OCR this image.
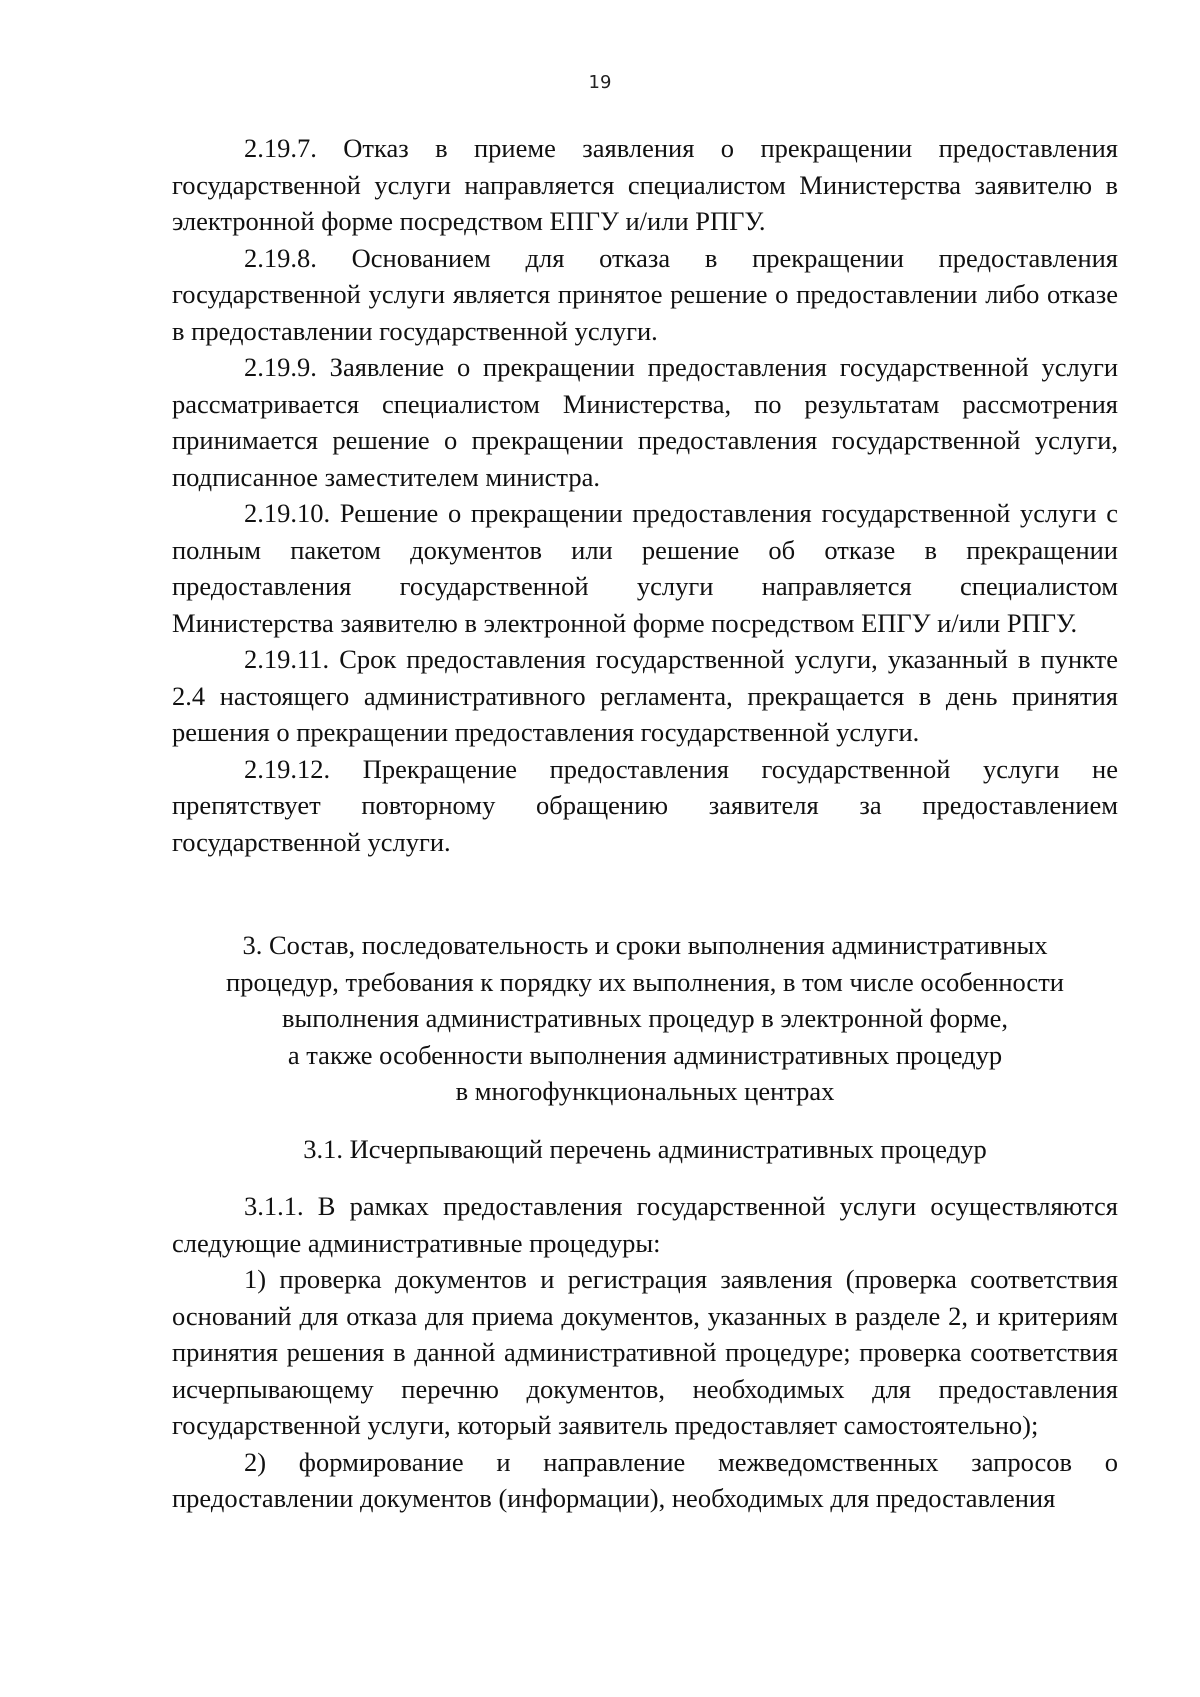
19

2.19.7. Отказ в приеме заявления о прекращении предоставления государственной услуги направляется специалистом Министерства заявителю в электронной форме посредством ЕПГУ и/или РПГУ.

2.19.8. Основанием для отказа в прекращении предоставления государственной услуги является принятое решение о предоставлении либо отказе в предоставлении государственной услуги.

2.19.9. Заявление о прекращении предоставления государственной услуги рассматривается специалистом Министерства, по результатам рассмотрения принимается решение о прекращении предоставления государственной услуги, подписанное заместителем министра.

2.19.10. Решение о прекращении предоставления государственной услуги с полным пакетом документов или решение об отказе в прекращении предоставления государственной услуги направляется специалистом Министерства заявителю в электронной форме посредством ЕПГУ и/или РПГУ.

2.19.11. Срок предоставления государственной услуги, указанный в пункте 2.4 настоящего административного регламента, прекращается в день принятия решения о прекращении предоставления государственной услуги.

2.19.12. Прекращение предоставления государственной услуги не препятствует повторному обращению заявителя за предоставлением государственной услуги.

3. Состав, последовательность и сроки выполнения административных
процедур, требования к порядку их выполнения, в том числе особенности
выполнения административных процедур в электронной форме,
а также особенности выполнения административных процедур
в многофункциональных центрах
3.1. Исчерпывающий перечень административных процедур

3.1.1. В рамках предоставления государственной услуги осуществляются следующие административные процедуры:

1) проверка документов и регистрация заявления (проверка соответствия оснований для отказа для приема документов, указанных в разделе 2, и критериям принятия решения в данной административной процедуре; проверка соответствия исчерпывающему перечню документов, необходимых для предоставления государственной услуги, который заявитель предоставляет самостоятельно);

2) формирование и направление межведомственных запросов о предоставлении документов (информации), необходимых для предоставления
